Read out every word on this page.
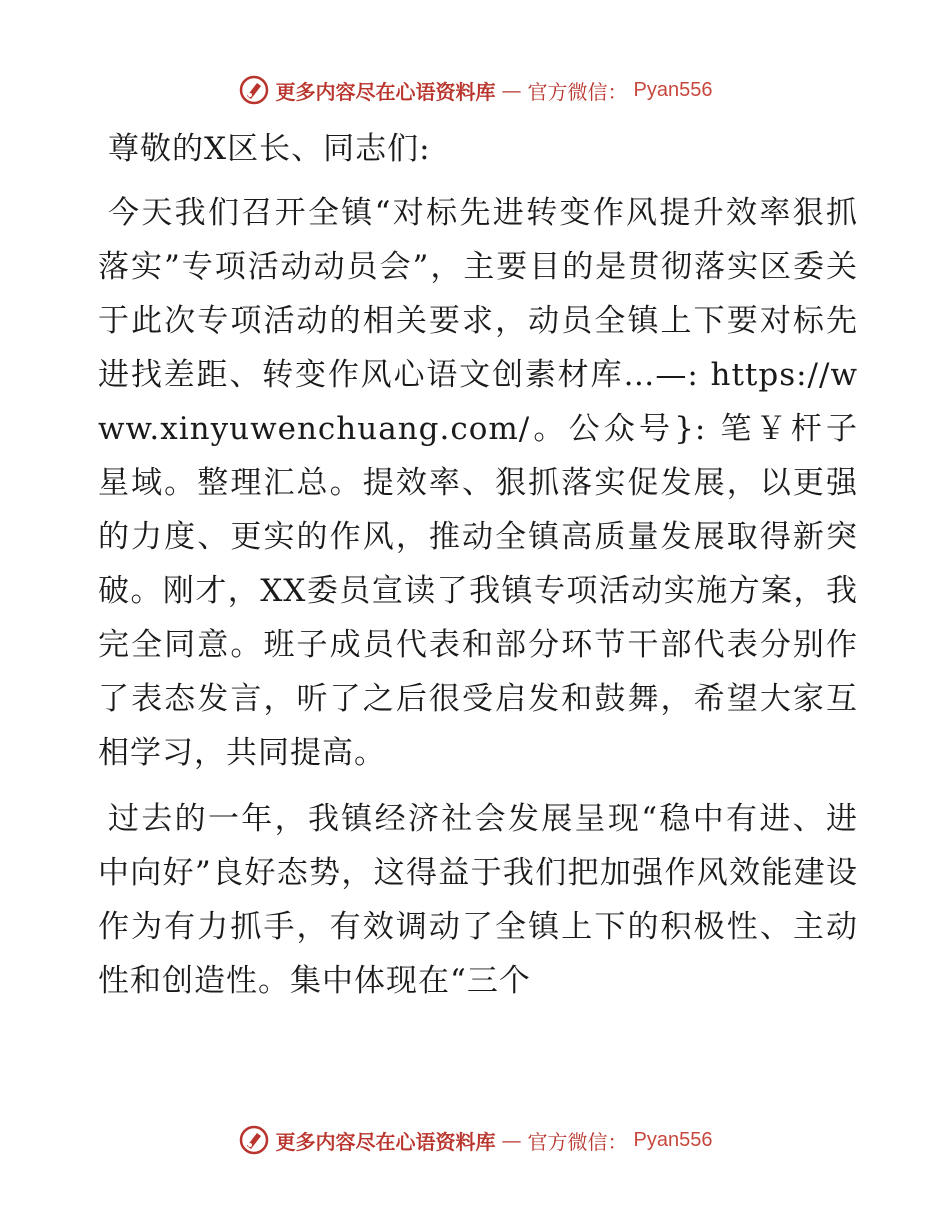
更多内容尽在心语资料库 — 官方微信： Pyan556

尊敬的X区长、同志们:

今天我们召开全镇“对标先进转变作风提升效率狠抓落实”专项活动动员会”，主要目的是贯彻落实区委关于此次专项活动的相关要求，动员全镇上下要对标先进找差距、转变作风心语文创素材库…—: https://www.xinyuwenchuang.com/。公众号}: 笔￥杆子星域。整理汇总。提效率、狠抓落实促发展，以更强的力度、更实的作风，推动全镇高质量发展取得新突破。刚才，XX委员宣读了我镇专项活动实施方案，我完全同意。班子成员代表和部分环节干部代表分别作了表态发言，听了之后很受启发和鼓舞，希望大家互相学习，共同提高。

过去的一年，我镇经济社会发展呈现“稳中有进、进中向好”良好态势，这得益于我们把加强作风效能建设作为有力抓手，有效调动了全镇上下的积极性、主动性和创造性。集中体现在“三个

更多内容尽在心语资料库 — 官方微信： Pyan556
